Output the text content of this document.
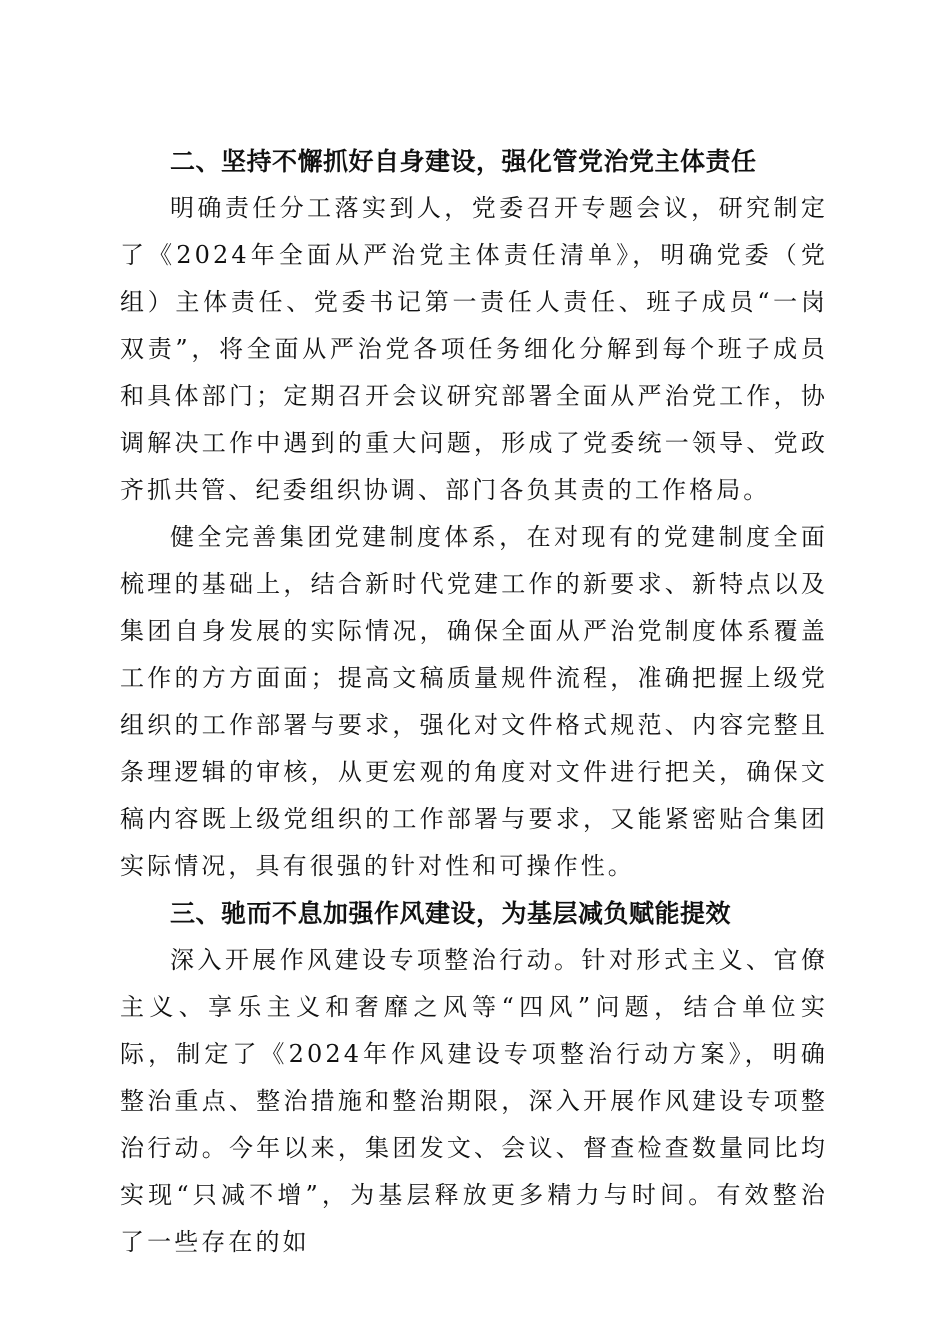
二、坚持不懈抓好自身建设，强化管党治党主体责任

明确责任分工落实到人，党委召开专题会议，研究制定了《2024年全面从严治党主体责任清单》，明确党委（党组）主体责任、党委书记第一责任人责任、班子成员“一岗双责”，将全面从严治党各项任务细化分解到每个班子成员和具体部门；定期召开会议研究部署全面从严治党工作，协调解决工作中遇到的重大问题，形成了党委统一领导、党政齐抓共管、纪委组织协调、部门各负其责的工作格局。

健全完善集团党建制度体系，在对现有的党建制度全面梳理的基础上，结合新时代党建工作的新要求、新特点以及集团自身发展的实际情况，确保全面从严治党制度体系覆盖工作的方方面面；提高文稿质量规件流程，准确把握上级党组织的工作部署与要求，强化对文件格式规范、内容完整且条理逻辑的审核，从更宏观的角度对文件进行把关，确保文稿内容既上级党组织的工作部署与要求，又能紧密贴合集团实际情况，具有很强的针对性和可操作性。

三、驰而不息加强作风建设，为基层减负赋能提效

深入开展作风建设专项整治行动。针对形式主义、官僚主义、享乐主义和奢靡之风等“四风”问题，结合单位实际，制定了《2024年作风建设专项整治行动方案》，明确整治重点、整治措施和整治期限，深入开展作风建设专项整治行动。今年以来，集团发文、会议、督查检查数量同比均实现“只减不增”，为基层释放更多精力与时间。有效整治了一些存在的如
